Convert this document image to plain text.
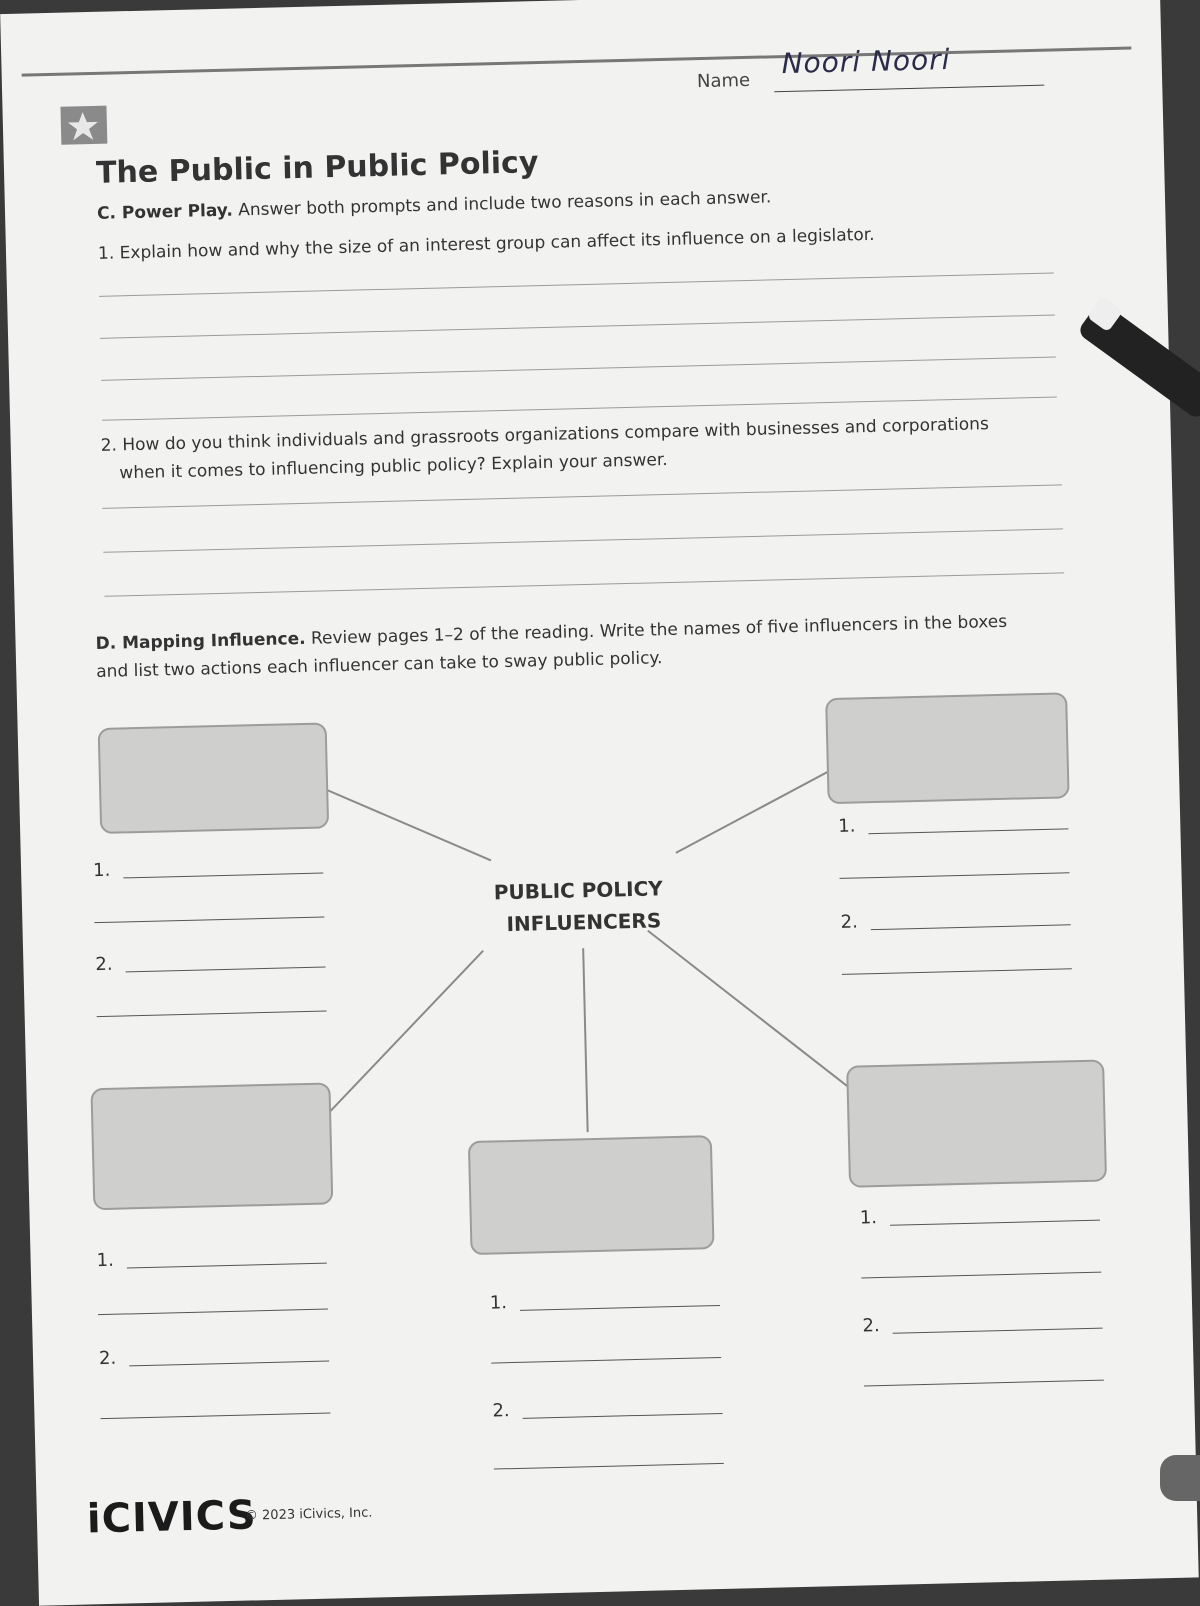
Name
Noori Noori
The Public in Public Policy
C. Power Play. Answer both prompts and include two reasons in each answer.
1. Explain how and why the size of an interest group can affect its influence on a legislator.
2. How do you think individuals and grassroots organizations compare with businesses and corporations
when it comes to influencing public policy? Explain your answer.
D. Mapping Influence. Review pages 1–2 of the reading. Write the names of five influencers in the boxes
and list two actions each influencer can take to sway public policy.
PUBLIC POLICY
INFLUENCERS
1.
2.
1.
2.
1.
2.
1.
2.
1.
2.
iCIVICS
© 2023 iCivics, Inc.
